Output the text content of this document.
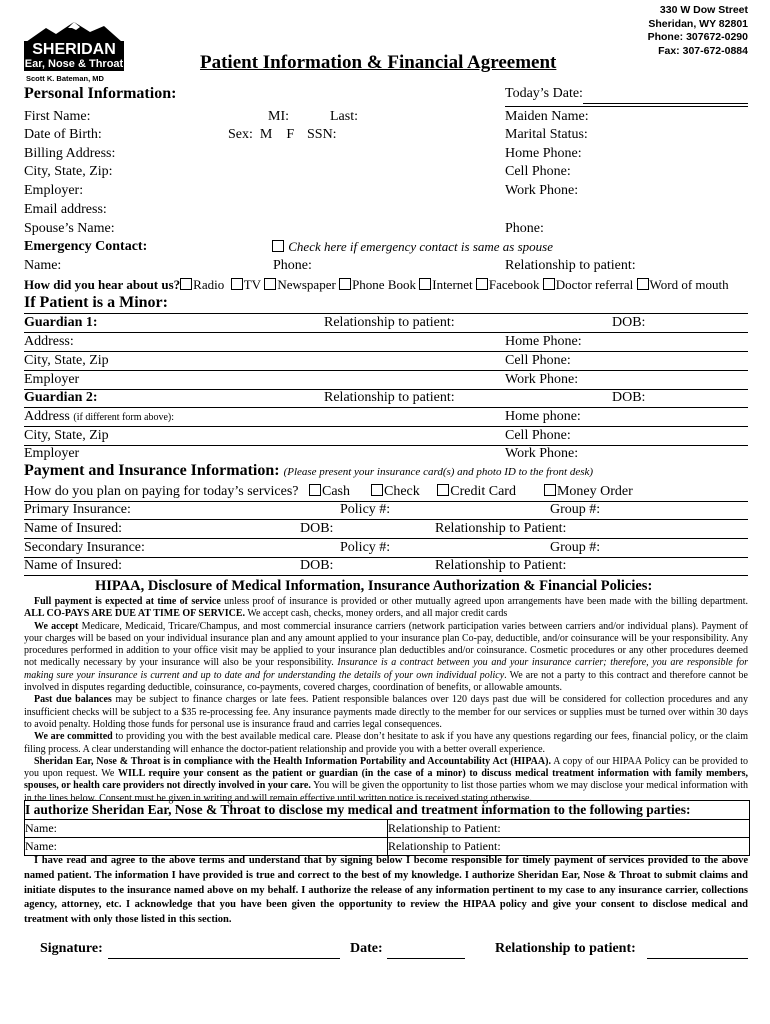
SHERIDAN
Ear, Nose & Throat
Scott K. Bateman, MD
Patient Information & Financial Agreement
330 W Dow Street
Sheridan, WY 82801
Phone: 307672-0290
Fax: 307-672-0884
Personal Information:	Today’s Date:
First Name:	MI:	Last:	Maiden Name:
Date of Birth:	Sex:  M    F SSN:	Marital Status:
Billing Address:	Home Phone:
City, State, Zip:	Cell Phone:
Employer:	Work Phone:
Email address:
Spouse’s Name:	Phone:
Emergency Contact:	Check here if emergency contact is same as spouse
Name:	Phone:	Relationship to patient:
How did you hear about us? Radio TV Newspaper Phone Book Internet Facebook Doctor referral Word of mouth
If Patient is a Minor:
Guardian 1:	Relationship to patient:	DOB:
Address:	Home Phone:
City, State, Zip	Cell Phone:
Employer	Work Phone:
Guardian 2:	Relationship to patient:	DOB:
Address (if different form above):	Home phone:
City, State, Zip	Cell Phone:
Employer	Work Phone:
Payment and Insurance Information: (Please present your insurance card(s) and photo ID to the front desk)
How do you plan on paying for today’s services? Cash Check Credit Card	Money Order
Primary Insurance:	Policy #:	Group #:
Name of Insured:	DOB:	Relationship to Patient:
Secondary Insurance:	Policy #:	Group #:
Name of Insured:	DOB:	Relationship to Patient:
HIPAA, Disclosure of Medical Information, Insurance Authorization & Financial Policies:
Full payment is expected at time of service unless proof of insurance is provided or other mutually agreed upon arrangements have been made with the billing department. ALL CO-PAYS ARE DUE AT TIME OF SERVICE. We accept cash, checks, money orders, and all major credit cards
We accept Medicare, Medicaid, Tricare/Champus, and most commercial insurance carriers (network participation varies between carriers and/or individual plans). Payment of your charges will be based on your individual insurance plan and any amount applied to your insurance plan Co-pay, deductible, and/or coinsurance will be your responsibility. Any procedures performed in addition to your office visit may be applied to your insurance plan deductibles and/or coinsurance. Cosmetic procedures or any other procedures deemed not medically necessary by your insurance will also be your responsibility. Insurance is a contract between you and your insurance carrier; therefore, you are responsible for making sure your insurance is current and up to date and for understanding the details of your own individual policy. We are not a party to this contract and therefore cannot be involved in disputes regarding deductible, coinsurance, co-payments, covered charges, coordination of benefits, or allowable amounts.
Past due balances may be subject to finance charges or late fees. Patient responsible balances over 120 days past due will be considered for collection procedures and any insufficient checks will be subject to a $35 re-processing fee. Any insurance payments made directly to the member for our services or supplies must be turned over within 30 days to avoid penalty. Holding those funds for personal use is insurance fraud and carries legal consequences.
We are committed to providing you with the best available medical care. Please don’t hesitate to ask if you have any questions regarding our fees, financial policy, or the claim filing process. A clear understanding will enhance the doctor-patient relationship and provide you with a better overall experience.
Sheridan Ear, Nose & Throat is in compliance with the Health Information Portability and Accountability Act (HIPAA). A copy of our HIPAA Policy can be provided to you upon request. We WILL require your consent as the patient or guardian (in the case of a minor) to discuss medical treatment information with family members, spouses, or health care providers not directly involved in your care. You will be given the opportunity to list those parties whom we may disclose your medical information with in the lines below. Consent must be given in writing and will remain effective until written notice is received stating otherwise.
I authorize Sheridan Ear, Nose & Throat to disclose my medical and treatment information to the following parties:
Name:	Relationship to Patient:
Name:	Relationship to Patient:
I have read and agree to the above terms and understand that by signing below I become responsible for timely payment of services provided to the above named patient. The information I have provided is true and correct to the best of my knowledge. I authorize Sheridan Ear, Nose & Throat to submit claims and initiate disputes to the insurance named above on my behalf. I authorize the release of any information pertinent to my case to any insurance carrier, collections agency, attorney, etc. I acknowledge that you have been given the opportunity to review the HIPAA policy and give your consent to disclose medical and treatment with only those listed in this section.
Signature:	Date:	Relationship to patient:
